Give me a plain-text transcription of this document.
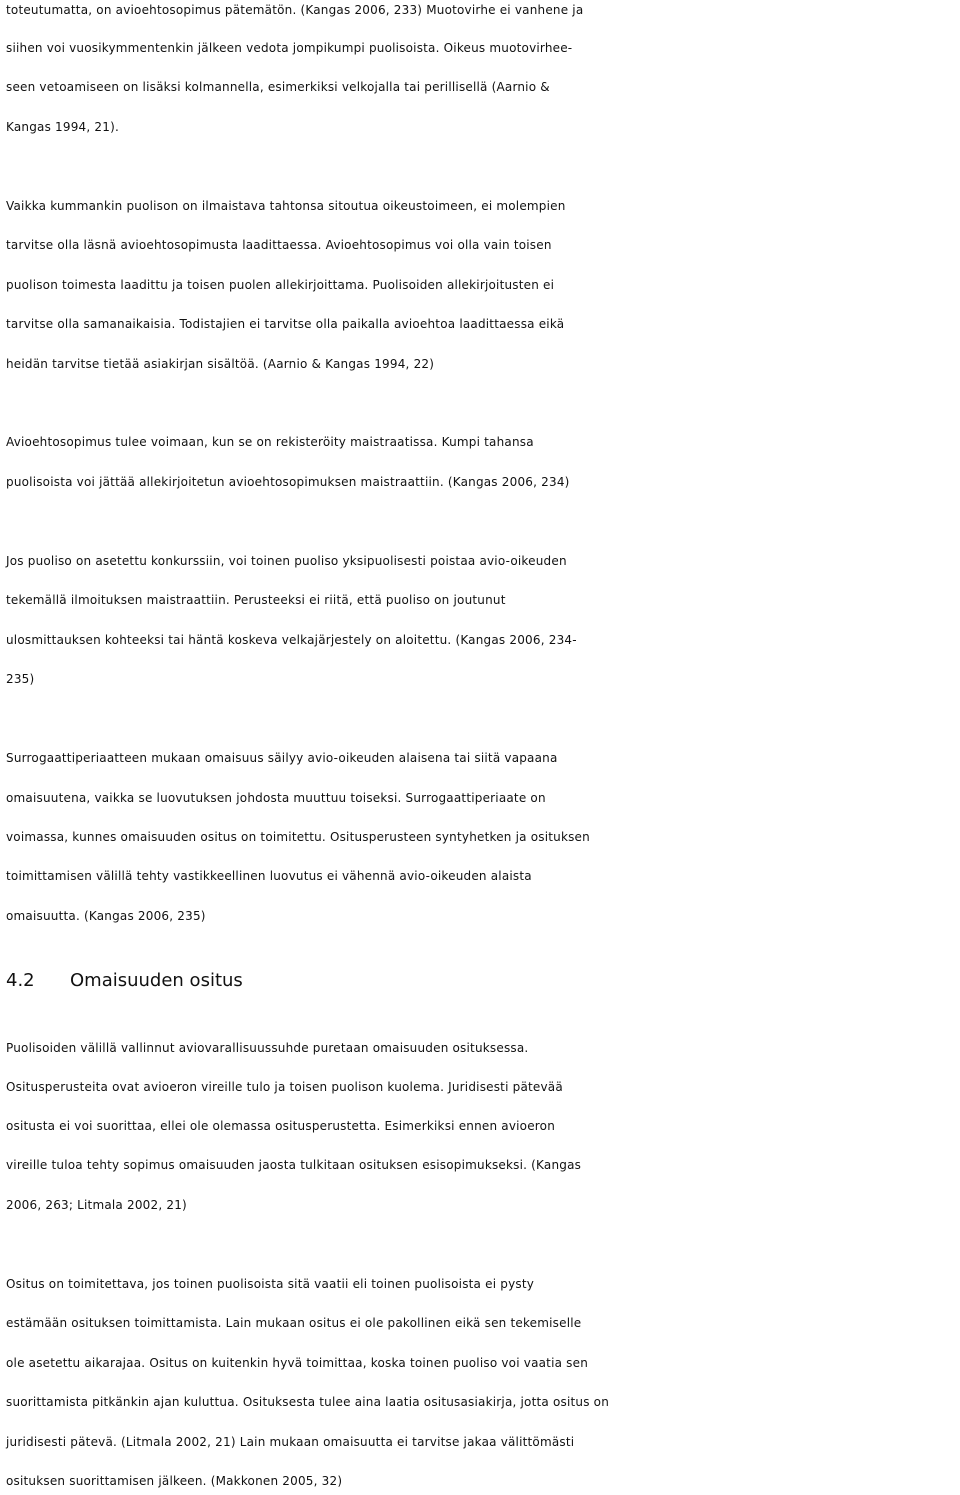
toteutumatta, on avioehtosopimus pätemätön. (Kangas 2006, 233) Muotovirhe ei vanhene ja
siihen voi vuosikymmentenkin jälkeen vedota jompikumpi puolisoista. Oikeus muotovirhee-
seen vetoamiseen on lisäksi kolmannella, esimerkiksi velkojalla tai perillisellä (Aarnio &
Kangas 1994, 21).
Vaikka kummankin puolison on ilmaistava tahtonsa sitoutua oikeustoimeen, ei molempien
tarvitse olla läsnä avioehtosopimusta laadittaessa. Avioehtosopimus voi olla vain toisen
puolison toimesta laadittu ja toisen puolen allekirjoittama. Puolisoiden allekirjoitusten ei
tarvitse olla samanaikaisia. Todistajien ei tarvitse olla paikalla avioehtoa laadittaessa eikä
heidän tarvitse tietää asiakirjan sisältöä. (Aarnio & Kangas 1994, 22)
Avioehtosopimus tulee voimaan, kun se on rekisteröity maistraatissa. Kumpi tahansa
puolisoista voi jättää allekirjoitetun avioehtosopimuksen maistraattiin. (Kangas 2006, 234)
Jos puoliso on asetettu konkurssiin, voi toinen puoliso yksipuolisesti poistaa avio-oikeuden
tekemällä ilmoituksen maistraattiin. Perusteeksi ei riitä, että puoliso on joutunut
ulosmittauksen kohteeksi tai häntä koskeva velkajärjestely on aloitettu. (Kangas 2006, 234-
235)
Surrogaattiperiaatteen mukaan omaisuus säilyy avio-oikeuden alaisena tai siitä vapaana
omaisuutena, vaikka se luovutuksen johdosta muuttuu toiseksi. Surrogaattiperiaate on
voimassa, kunnes omaisuuden ositus on toimitettu. Ositusperusteen syntyhetken ja osituksen
toimittamisen välillä tehty vastikkeellinen luovutus ei vähennä avio-oikeuden alaista
omaisuutta. (Kangas 2006, 235)
4.2 Omaisuuden ositus
Puolisoiden välillä vallinnut aviovarallisuussuhde puretaan omaisuuden osituksessa.
Ositusperusteita ovat avioeron vireille tulo ja toisen puolison kuolema. Juridisesti pätevää
ositusta ei voi suorittaa, ellei ole olemassa ositusperustetta. Esimerkiksi ennen avioeron
vireille tuloa tehty sopimus omaisuuden jaosta tulkitaan osituksen esisopimukseksi. (Kangas
2006, 263; Litmala 2002, 21)
Ositus on toimitettava, jos toinen puolisoista sitä vaatii eli toinen puolisoista ei pysty
estämään osituksen toimittamista. Lain mukaan ositus ei ole pakollinen eikä sen tekemiselle
ole asetettu aikarajaa. Ositus on kuitenkin hyvä toimittaa, koska toinen puoliso voi vaatia sen
suorittamista pitkänkin ajan kuluttua. Osituksesta tulee aina laatia ositusasiakirja, jotta ositus on
juridisesti pätevä. (Litmala 2002, 21) Lain mukaan omaisuutta ei tarvitse jakaa välittömästi
osituksen suorittamisen jälkeen. (Makkonen 2005, 32)
